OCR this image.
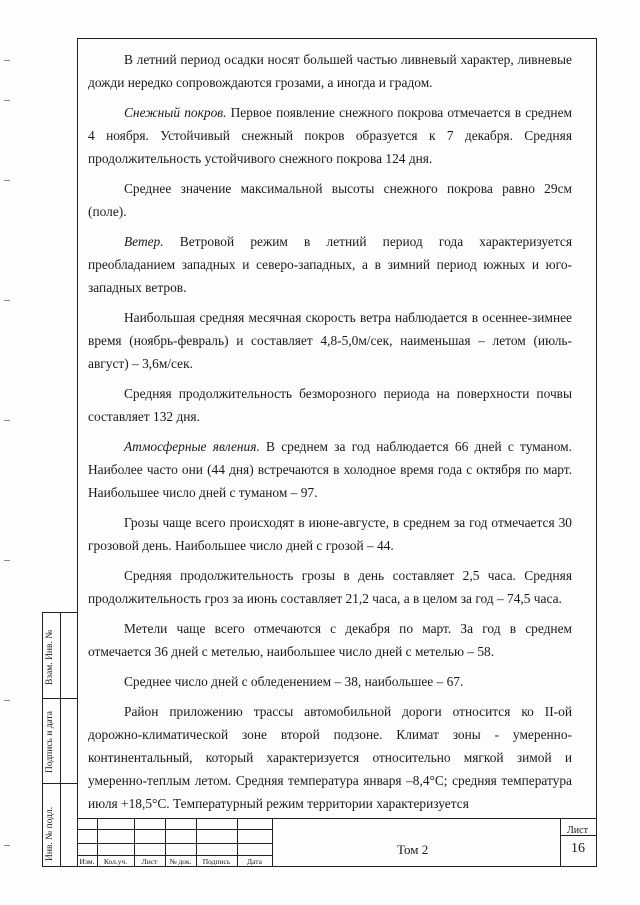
В летний период осадки носят большей частью ливневый характер, ливневые дожди нередко сопровождаются грозами, а иногда и градом.

Снежный покров. Первое появление снежного покрова отмечается в среднем 4 ноября. Устойчивый снежный покров образуется к 7 декабря. Средняя продолжительность устойчивого снежного покрова 124 дня.

Среднее значение максимальной высоты снежного покрова равно 29см (поле).

Ветер. Ветровой режим в летний период года характеризуется преобладанием западных и северо-западных, а в зимний период южных и юго-западных ветров.

Наибольшая средняя месячная скорость ветра наблюдается в осеннее-зимнее время (ноябрь-февраль) и составляет 4,8-5,0м/сек, наименьшая – летом (июль-август) – 3,6м/сек.

Средняя продолжительность безморозного периода на поверхности почвы составляет 132 дня.

Атмосферные явления. В среднем за год наблюдается 66 дней с туманом. Наиболее часто они (44 дня) встречаются в холодное время года с октября по март. Наибольшее число дней с туманом – 97.

Грозы чаще всего происходят в июне-августе, в среднем за год отмечается 30 грозовой день. Наибольшее число дней с грозой – 44.

Средняя продолжительность грозы в день составляет 2,5 часа. Средняя продолжительность гроз за июнь составляет 21,2 часа, а в целом за год – 74,5 часа.

Метели чаще всего отмечаются с декабря по март. За год в среднем отмечается 36 дней с метелью, наибольшее число дней с метелью – 58.

Среднее число дней с обледенением – 38, наибольшее – 67.

Район приложению трассы автомобильной дороги относится ко II-ой дорожно-климатической зоне второй подзоне. Климат зоны - умеренно-континентальный, который характеризуется относительно мягкой зимой и умеренно-теплым летом. Средняя температура января –8,4°С; средняя температура июля +18,5°С. Температурный режим территории характеризуется

Взам. Инв. №
Подпись и дата
Инв. № подл.
Изм.	Кол.уч.	Лист	№ док.	Подпись	Дата
Том 2
Лист
16
